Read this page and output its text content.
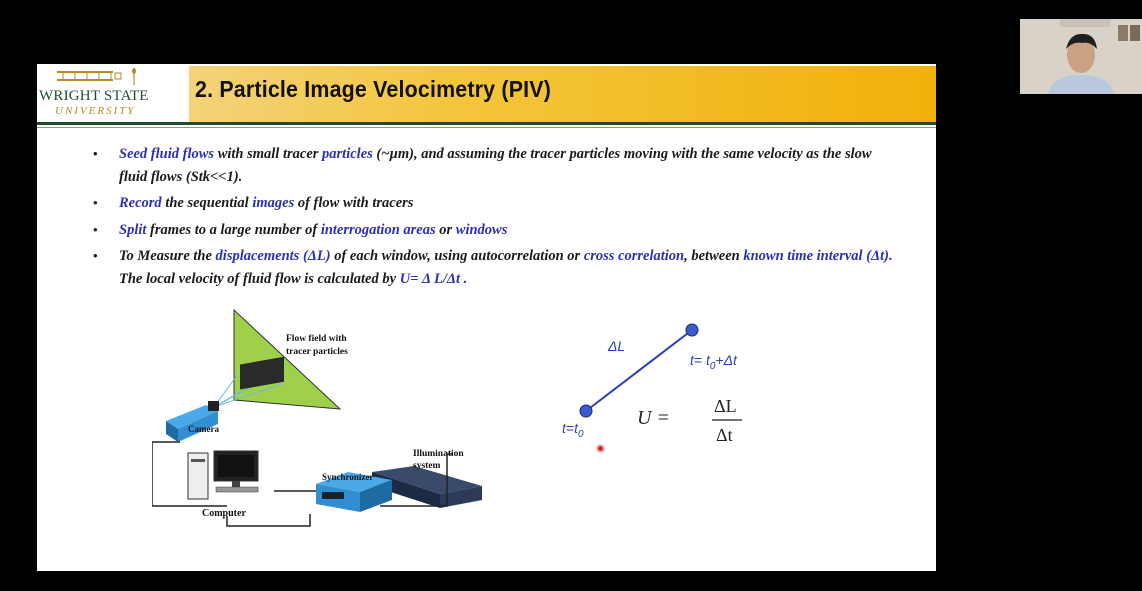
WRIGHT STATE
UNIVERSITY
2. Particle Image Velocimetry (PIV)
• Seed fluid flows with small tracer particles (~µm), and assuming the tracer particles moving with the same velocity as the slow fluid flows (Stk<<1).
• Record the sequential images of flow with tracers
• Split frames to a large number of interrogation areas or windows
• To Measure the displacements (ΔL) of each window, using autocorrelation or cross correlation, between known time interval (Δt). The local velocity of fluid flow is calculated by U= Δ L/Δt .
Flow field with
tracer particles
Camera
Illumination
system
Computer
Synchronizer
ΔL
$t=t_0$
$t= t_0+\Delta t$
U =
ΔL
Δt
